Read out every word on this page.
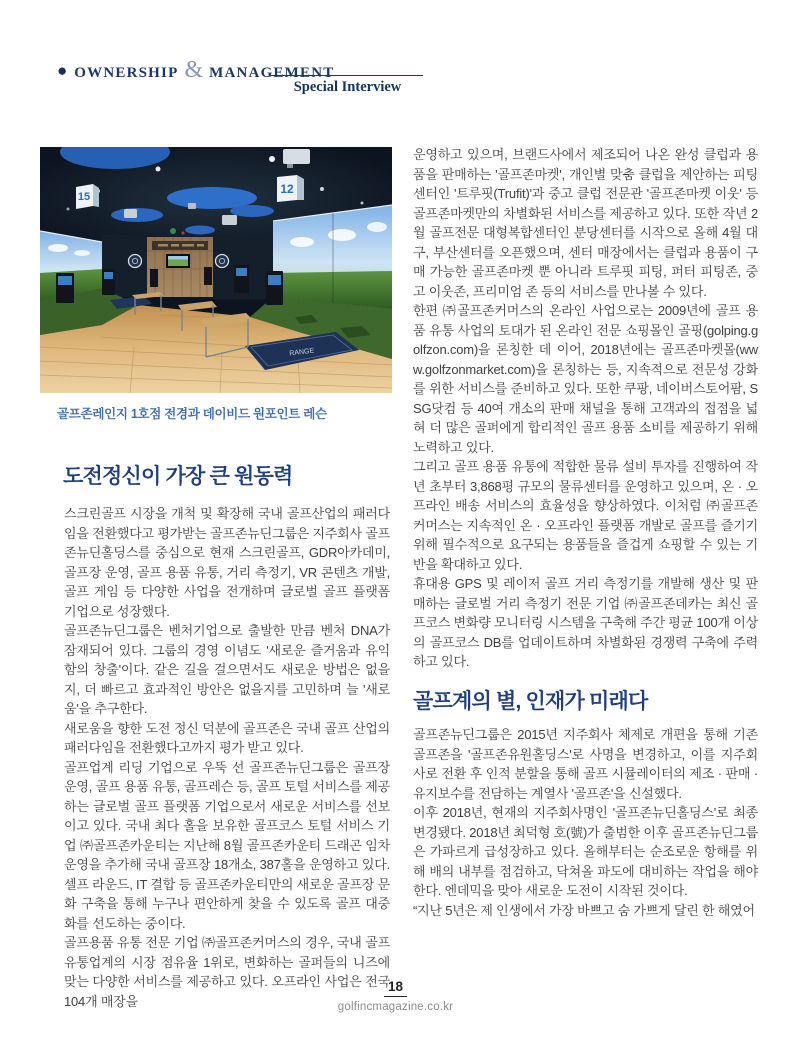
● OWNERSHIP & MANAGEMENT
Special Interview
15
12
RANGE
골프존레인지 1호점 전경과 데이비드 원포인트 레슨
도전정신이 가장 큰 원동력

스크린골프 시장을 개척 및 확장해 국내 골프산업의 패러다임을 전환했다고 평가받는 골프존뉴딘그룹은 지주회사 골프존뉴딘홀딩스를 중심으로 현재 스크린골프, GDR아카데미, 골프장 운영, 골프 용품 유통, 거리 측정기, VR 콘텐츠 개발, 골프 게임 등 다양한 사업을 전개하며 글로벌 골프 플랫폼 기업으로 성장했다.

골프존뉴딘그룹은 벤처기업으로 출발한 만큼 벤처 DNA가 잠재되어 있다. 그룹의 경영 이념도 '새로운 즐거움과 유익함의 창출'이다. 같은 길을 걸으면서도 새로운 방법은 없을지, 더 빠르고 효과적인 방안은 없을지를 고민하며 늘 '새로움'을 추구한다.

새로움을 향한 도전 정신 덕분에 골프존은 국내 골프 산업의 패러다임을 전환했다고까지 평가 받고 있다.

골프업계 리딩 기업으로 우뚝 선 골프존뉴딘그룹은 골프장 운영, 골프 용품 유통, 골프레슨 등, 골프 토털 서비스를 제공하는 글로벌 골프 플랫폼 기업으로서 새로운 서비스를 선보이고 있다. 국내 최다 홀을 보유한 골프코스 토털 서비스 기업 ㈜골프존카운티는 지난해 8월 골프존카운티 드래곤 임차 운영을 추가해 국내 골프장 18개소, 387홀을 운영하고 있다. 셀프 라운드, IT 결합 등 골프존카운티만의 새로운 골프장 문화 구축을 통해 누구나 편안하게 찾을 수 있도록 골프 대중화를 선도하는 중이다.

골프용품 유통 전문 기업 ㈜골프존커머스의 경우, 국내 골프 유통업계의 시장 점유율 1위로, 변화하는 골퍼들의 니즈에 맞는 다양한 서비스를 제공하고 있다. 오프라인 사업은 전국 104개 매장을

운영하고 있으며, 브랜드사에서 제조되어 나온 완성 클럽과 용품을 판매하는 '골프존마켓', 개인별 맞춤 클럽을 제안하는 피팅 센터인 '트루핏(Trufit)'과 중고 클럽 전문관 '골프존마켓 이웃' 등 골프존마켓만의 차별화된 서비스를 제공하고 있다. 또한 작년 2월 골프전문 대형복합센터인 분당센터를 시작으로 올해 4월 대구, 부산센터를 오픈했으며, 센터 매장에서는 클럽과 용품이 구매 가능한 골프존마켓 뿐 아니라 트루핏 피팅, 퍼터 피팅존, 중고 이웃존, 프리미엄 존 등의 서비스를 만나볼 수 있다.

한편 ㈜골프존커머스의 온라인 사업으로는 2009년에 골프 용품 유통 사업의 토대가 된 온라인 전문 쇼핑몰인 골핑(golping.golfzon.com)을 론칭한 데 이어, 2018년에는 골프존마켓몰(www.golfzonmarket.com)을 론칭하는 등, 지속적으로 전문성 강화를 위한 서비스를 준비하고 있다. 또한 쿠팡, 네이버스토어팜, SSG닷컴 등 40여 개소의 판매 채널을 통해 고객과의 접점을 넓혀 더 많은 골퍼에게 합리적인 골프 용품 소비를 제공하기 위해 노력하고 있다.

그리고 골프 용품 유통에 적합한 물류 설비 투자를 진행하여 작년 초부터 3,868평 규모의 물류센터를 운영하고 있으며, 온 · 오프라인 배송 서비스의 효율성을 향상하였다. 이처럼 ㈜골프존커머스는 지속적인 온 · 오프라인 플랫폼 개발로 골프를 즐기기 위해 필수적으로 요구되는 용품들을 즐겁게 쇼핑할 수 있는 기반을 확대하고 있다.

휴대용 GPS 및 레이저 골프 거리 측정기를 개발해 생산 및 판매하는 글로벌 거리 측정기 전문 기업 ㈜골프존데카는 최신 골프코스 변화량 모니터링 시스템을 구축해 주간 평균 100개 이상의 골프코스 DB를 업데이트하며 차별화된 경쟁력 구축에 주력하고 있다.

골프계의 별, 인재가 미래다

골프존뉴딘그룹은 2015년 지주회사 체제로 개편을 통해 기존 골프존을 '골프존유원홀딩스'로 사명을 변경하고, 이를 지주회사로 전환 후 인적 분할을 통해 골프 시뮬레이터의 제조 · 판매 · 유지보수를 전담하는 계열사 '골프존'을 신설했다.

이후 2018년, 현재의 지주회사명인 '골프존뉴딘홀딩스'로 최종 변경됐다. 2018년 최덕형 호(號)가 출범한 이후 골프존뉴딘그룹은 가파르게 급성장하고 있다. 올해부터는 순조로운 항해를 위해 배의 내부를 점검하고, 닥쳐올 파도에 대비하는 작업을 해야 한다. 엔데믹을 맞아 새로운 도전이 시작된 것이다.

“지난 5년은 제 인생에서 가장 바쁘고 숨 가쁘게 달린 한 해였어

18
golfincmagazine.co.kr
